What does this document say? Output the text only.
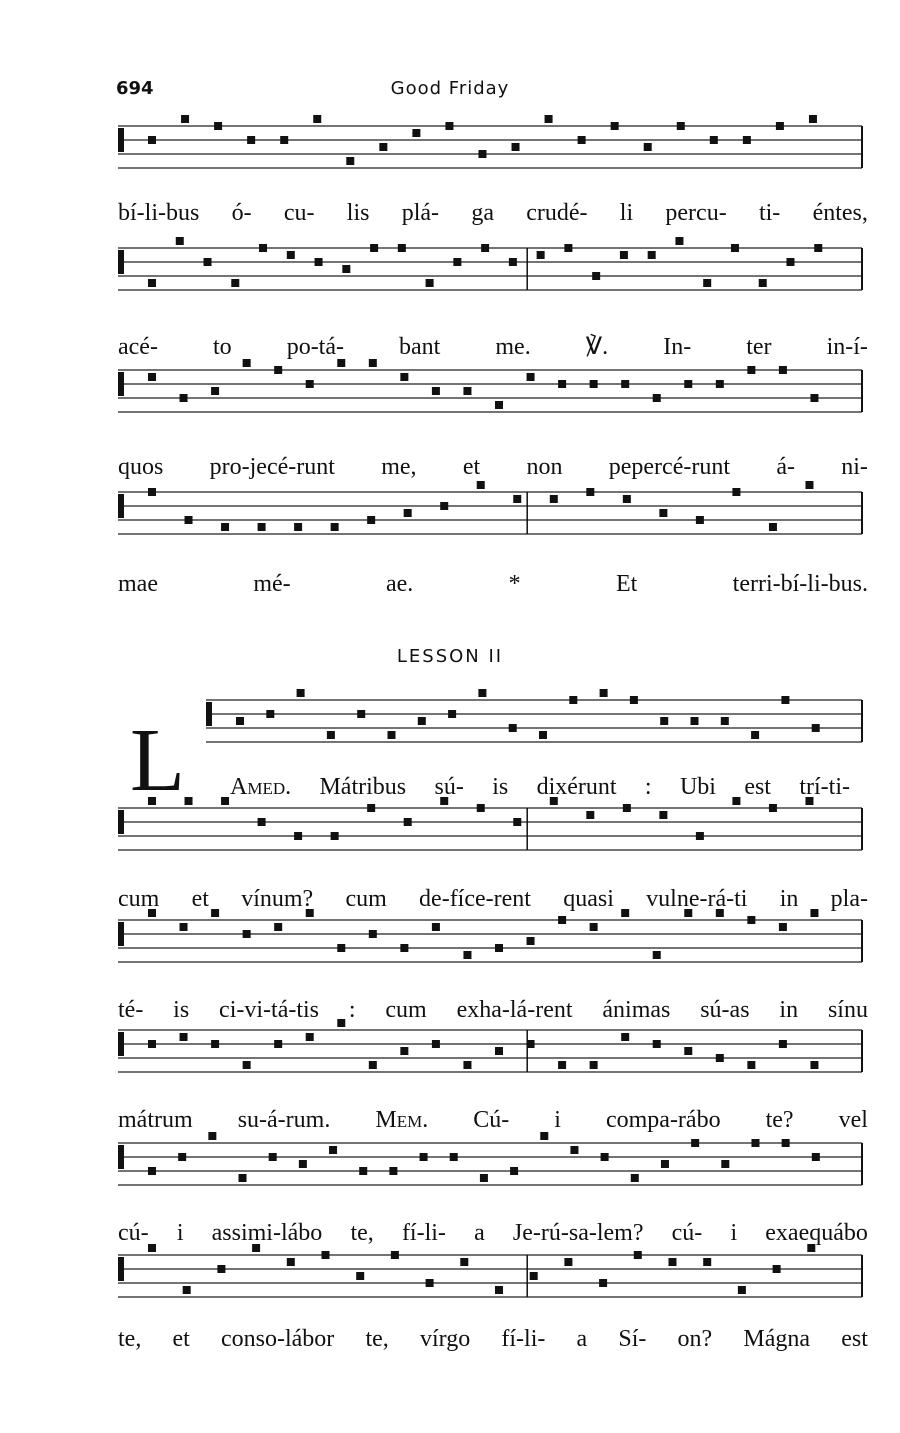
694	Good Friday
bí-li-bus ó- cu- lis plá- ga crudé- li percu- ti- éntes,
acé- to po-tá- bant me. ℣. In- ter in-í-
quos pro-jecé-runt me, et non pepercé-runt á- ni-
mae	mé-	ae.	*	Et	terri-bí-li-bus.
LESSON II
L Amed. Mátribus sú- is dixérunt : Ubi est trí-ti-
cum et vínum? cum de-fíce-rent quasi vulne-rá-ti in pla-
té- is ci-vi-tá-tis : cum exha-lá-rent ánimas sú-as in sínu
mátrum su-á-rum. Mem. Cú- i compa-rábo te? vel
cú- i assimi-lábo te, fí-li- a Je-rú-sa-lem? cú- i exaequábo
te, et conso-lábor te, vírgo fí-li- a Sí- on? Mágna est
